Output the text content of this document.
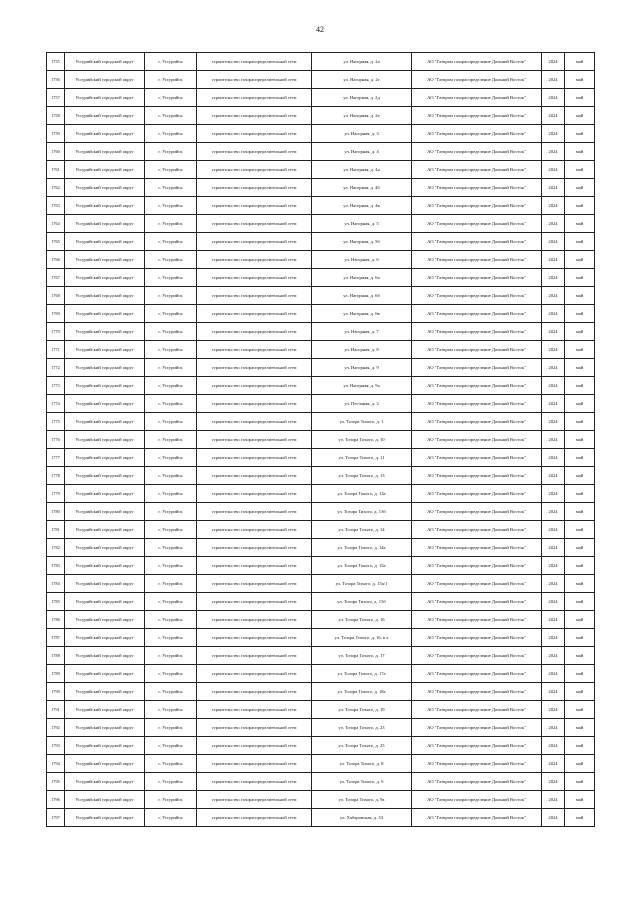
42
1755	Уссурийский городской округ	г. Уссурийск	строительство газораспределительной сети	ул. Нагорная, д. 2а	АО "Газпром газораспределение Дальний Восток"	2024	май
1756	Уссурийский городской округ	г. Уссурийск	строительство газораспределительной сети	ул. Нагорная, д. 2г	АО "Газпром газораспределение Дальний Восток"	2024	май
1757	Уссурийский городской округ	г. Уссурийск	строительство газораспределительной сети	ул. Нагорная, д. 2д	АО "Газпром газораспределение Дальний Восток"	2024	май
1758	Уссурийский городской округ	г. Уссурийск	строительство газораспределительной сети	ул. Нагорная, д. 2е	АО "Газпром газораспределение Дальний Восток"	2024	май
1759	Уссурийский городской округ	г. Уссурийск	строительство газораспределительной сети	ул. Нагорная, д. 3	АО "Газпром газораспределение Дальний Восток"	2024	май
1760	Уссурийский городской округ	г. Уссурийск	строительство газораспределительной сети	ул. Нагорная, д. 4	АО "Газпром газораспределение Дальний Восток"	2024	май
1761	Уссурийский городской округ	г. Уссурийск	строительство газораспределительной сети	ул. Нагорная, д. 4а	АО "Газпром газораспределение Дальний Восток"	2024	май
1762	Уссурийский городской округ	г. Уссурийск	строительство газораспределительной сети	ул. Нагорная, д. 4б	АО "Газпром газораспределение Дальний Восток"	2024	май
1763	Уссурийский городской округ	г. Уссурийск	строительство газораспределительной сети	ул. Нагорная, д. 4в	АО "Газпром газораспределение Дальний Восток"	2024	май
1764	Уссурийский городской округ	г. Уссурийск	строительство газораспределительной сети	ул. Нагорная, д. 5	АО "Газпром газораспределение Дальний Восток"	2024	май
1765	Уссурийский городской округ	г. Уссурийск	строительство газораспределительной сети	ул. Нагорная, д. 5б	АО "Газпром газораспределение Дальний Восток"	2024	май
1766	Уссурийский городской округ	г. Уссурийск	строительство газораспределительной сети	ул. Нагорная, д. 6	АО "Газпром газораспределение Дальний Восток"	2024	май
1767	Уссурийский городской округ	г. Уссурийск	строительство газораспределительной сети	ул. Нагорная, д. 6а	АО "Газпром газораспределение Дальний Восток"	2024	май
1768	Уссурийский городской округ	г. Уссурийск	строительство газораспределительной сети	ул. Нагорная, д. 6б	АО "Газпром газораспределение Дальний Восток"	2024	май
1769	Уссурийский городской округ	г. Уссурийск	строительство газораспределительной сети	ул. Нагорная, д. 6в	АО "Газпром газораспределение Дальний Восток"	2024	май
1770	Уссурийский городской округ	г. Уссурийск	строительство газораспределительной сети	ул. Нагорная, д. 7	АО "Газпром газораспределение Дальний Восток"	2024	май
1771	Уссурийский городской округ	г. Уссурийск	строительство газораспределительной сети	ул. Нагорная, д. 8	АО "Газпром газораспределение Дальний Восток"	2024	май
1772	Уссурийский городской округ	г. Уссурийск	строительство газораспределительной сети	ул. Нагорная, д. 9	АО "Газпром газораспределение Дальний Восток"	2024	май
1773	Уссурийский городской округ	г. Уссурийск	строительство газораспределительной сети	ул. Нагорная, д. 9а	АО "Газпром газораспределение Дальний Восток"	2024	май
1774	Уссурийский городской округ	г. Уссурийск	строительство газораспределительной сети	ул. Песчаная, д. 3	АО "Газпром газораспределение Дальний Восток"	2024	май
1775	Уссурийский городской округ	г. Уссурийск	строительство газораспределительной сети	ул. Тозора Тихого, д. 1	АО "Газпром газораспределение Дальний Восток"	2024	май
1776	Уссурийский городской округ	г. Уссурийск	строительство газораспределительной сети	ул. Тозора Тихого, д. 10	АО "Газпром газораспределение Дальний Восток"	2024	май
1777	Уссурийский городской округ	г. Уссурийск	строительство газораспределительной сети	ул. Тозора Тихого, д. 11	АО "Газпром газораспределение Дальний Восток"	2024	май
1778	Уссурийский городской округ	г. Уссурийск	строительство газораспределительной сети	ул. Тозора Тихого, д. 13	АО "Газпром газораспределение Дальний Восток"	2024	май
1779	Уссурийский городской округ	г. Уссурийск	строительство газораспределительной сети	ул. Тозора Тихого, д. 13а	АО "Газпром газораспределение Дальний Восток"	2024	май
1780	Уссурийский городской округ	г. Уссурийск	строительство газораспределительной сети	ул. Тозора Тихого, д. 13б	АО "Газпром газораспределение Дальний Восток"	2024	май
1781	Уссурийский городской округ	г. Уссурийск	строительство газораспределительной сети	ул. Тозора Тихого, д. 14	АО "Газпром газораспределение Дальний Восток"	2024	май
1782	Уссурийский городской округ	г. Уссурийск	строительство газораспределительной сети	ул. Тозора Тихого, д. 14а	АО "Газпром газораспределение Дальний Восток"	2024	май
1783	Уссурийский городской округ	г. Уссурийск	строительство газораспределительной сети	ул. Тозора Тихого, д. 15а	АО "Газпром газораспределение Дальний Восток"	2024	май
1784	Уссурийский городской округ	г. Уссурийск	строительство газораспределительной сети	ул. Тозора Тихого, д. 15а/1	АО "Газпром газораспределение Дальний Восток"	2024	май
1785	Уссурийский городской округ	г. Уссурийск	строительство газораспределительной сети	ул. Тозора Тихого, д. 15б	АО "Газпром газораспределение Дальний Восток"	2024	май
1786	Уссурийский городской округ	г. Уссурийск	строительство газораспределительной сети	ул. Тозора Тихого, д. 16	АО "Газпром газораспределение Дальний Восток"	2024	май
1787	Уссурийский городской округ	г. Уссурийск	строительство газораспределительной сети	ул. Тозора Тихого, д. 16, к а	АО "Газпром газораспределение Дальний Восток"	2024	май
1788	Уссурийский городской округ	г. Уссурийск	строительство газораспределительной сети	ул. Тозора Тихого, д. 17	АО "Газпром газораспределение Дальний Восток"	2024	май
1789	Уссурийский городской округ	г. Уссурийск	строительство газораспределительной сети	ул. Тозора Тихого, д. 17а	АО "Газпром газораспределение Дальний Восток"	2024	май
1790	Уссурийский городской округ	г. Уссурийск	строительство газораспределительной сети	ул. Тозора Тихого, д. 18а	АО "Газпром газораспределение Дальний Восток"	2024	май
1791	Уссурийский городской округ	г. Уссурийск	строительство газораспределительной сети	ул. Тозора Тихого, д. 19	АО "Газпром газораспределение Дальний Восток"	2024	май
1792	Уссурийский городской округ	г. Уссурийск	строительство газораспределительной сети	ул. Тозора Тихого, д. 23	АО "Газпром газораспределение Дальний Восток"	2024	май
1793	Уссурийский городской округ	г. Уссурийск	строительство газораспределительной сети	ул. Тозора Тихого, д. 25	АО "Газпром газораспределение Дальний Восток"	2024	май
1794	Уссурийский городской округ	г. Уссурийск	строительство газораспределительной сети	ул. Тозора Тихого, д. 8	АО "Газпром газораспределение Дальний Восток"	2024	май
1795	Уссурийский городской округ	г. Уссурийск	строительство газораспределительной сети	ул. Тозора Тихого, д. 9	АО "Газпром газораспределение Дальний Восток"	2024	май
1796	Уссурийский городской округ	г. Уссурийск	строительство газораспределительной сети	ул. Тозора Тихого, д. 9а	АО "Газпром газораспределение Дальний Восток"	2024	май
1797	Уссурийский городской округ	г. Уссурийск	строительство газораспределительной сети	ул. Хабаровская, д. 33	АО "Газпром газораспределение Дальний Восток"	2024	май
